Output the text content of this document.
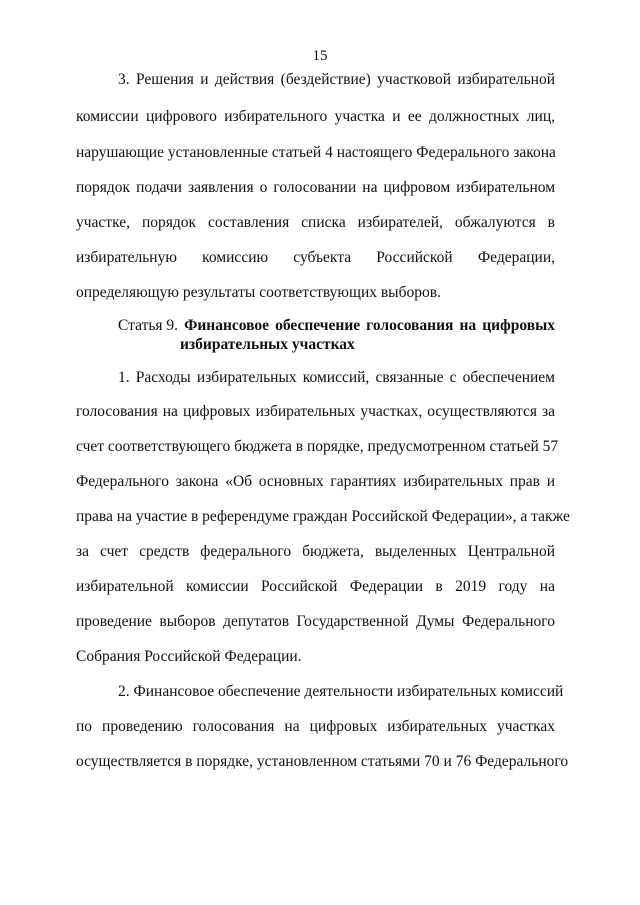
15
3. Решения и действия (бездействие) участковой избирательной
комиссии цифрового избирательного участка и ее должностных лиц,
нарушающие установленные статьей 4 настоящего Федерального закона
порядок подачи заявления о голосовании на цифровом избирательном
участке, порядок составления списка избирателей, обжалуются в
избирательную комиссию субъекта Российской Федерации,
определяющую результаты соответствующих выборов.
Статья 9. Финансовое обеспечение голосования на цифровых
избирательных участках
1. Расходы избирательных комиссий, связанные с обеспечением
голосования на цифровых избирательных участках, осуществляются за
счет соответствующего бюджета в порядке, предусмотренном статьей 57
Федерального закона «Об основных гарантиях избирательных прав и
права на участие в референдуме граждан Российской Федерации», а также
за счет средств федерального бюджета, выделенных Центральной
избирательной комиссии Российской Федерации в 2019 году на
проведение выборов депутатов Государственной Думы Федерального
Собрания Российской Федерации.
2. Финансовое обеспечение деятельности избирательных комиссий
по проведению голосования на цифровых избирательных участках
осуществляется в порядке, установленном статьями 70 и 76 Федерального
